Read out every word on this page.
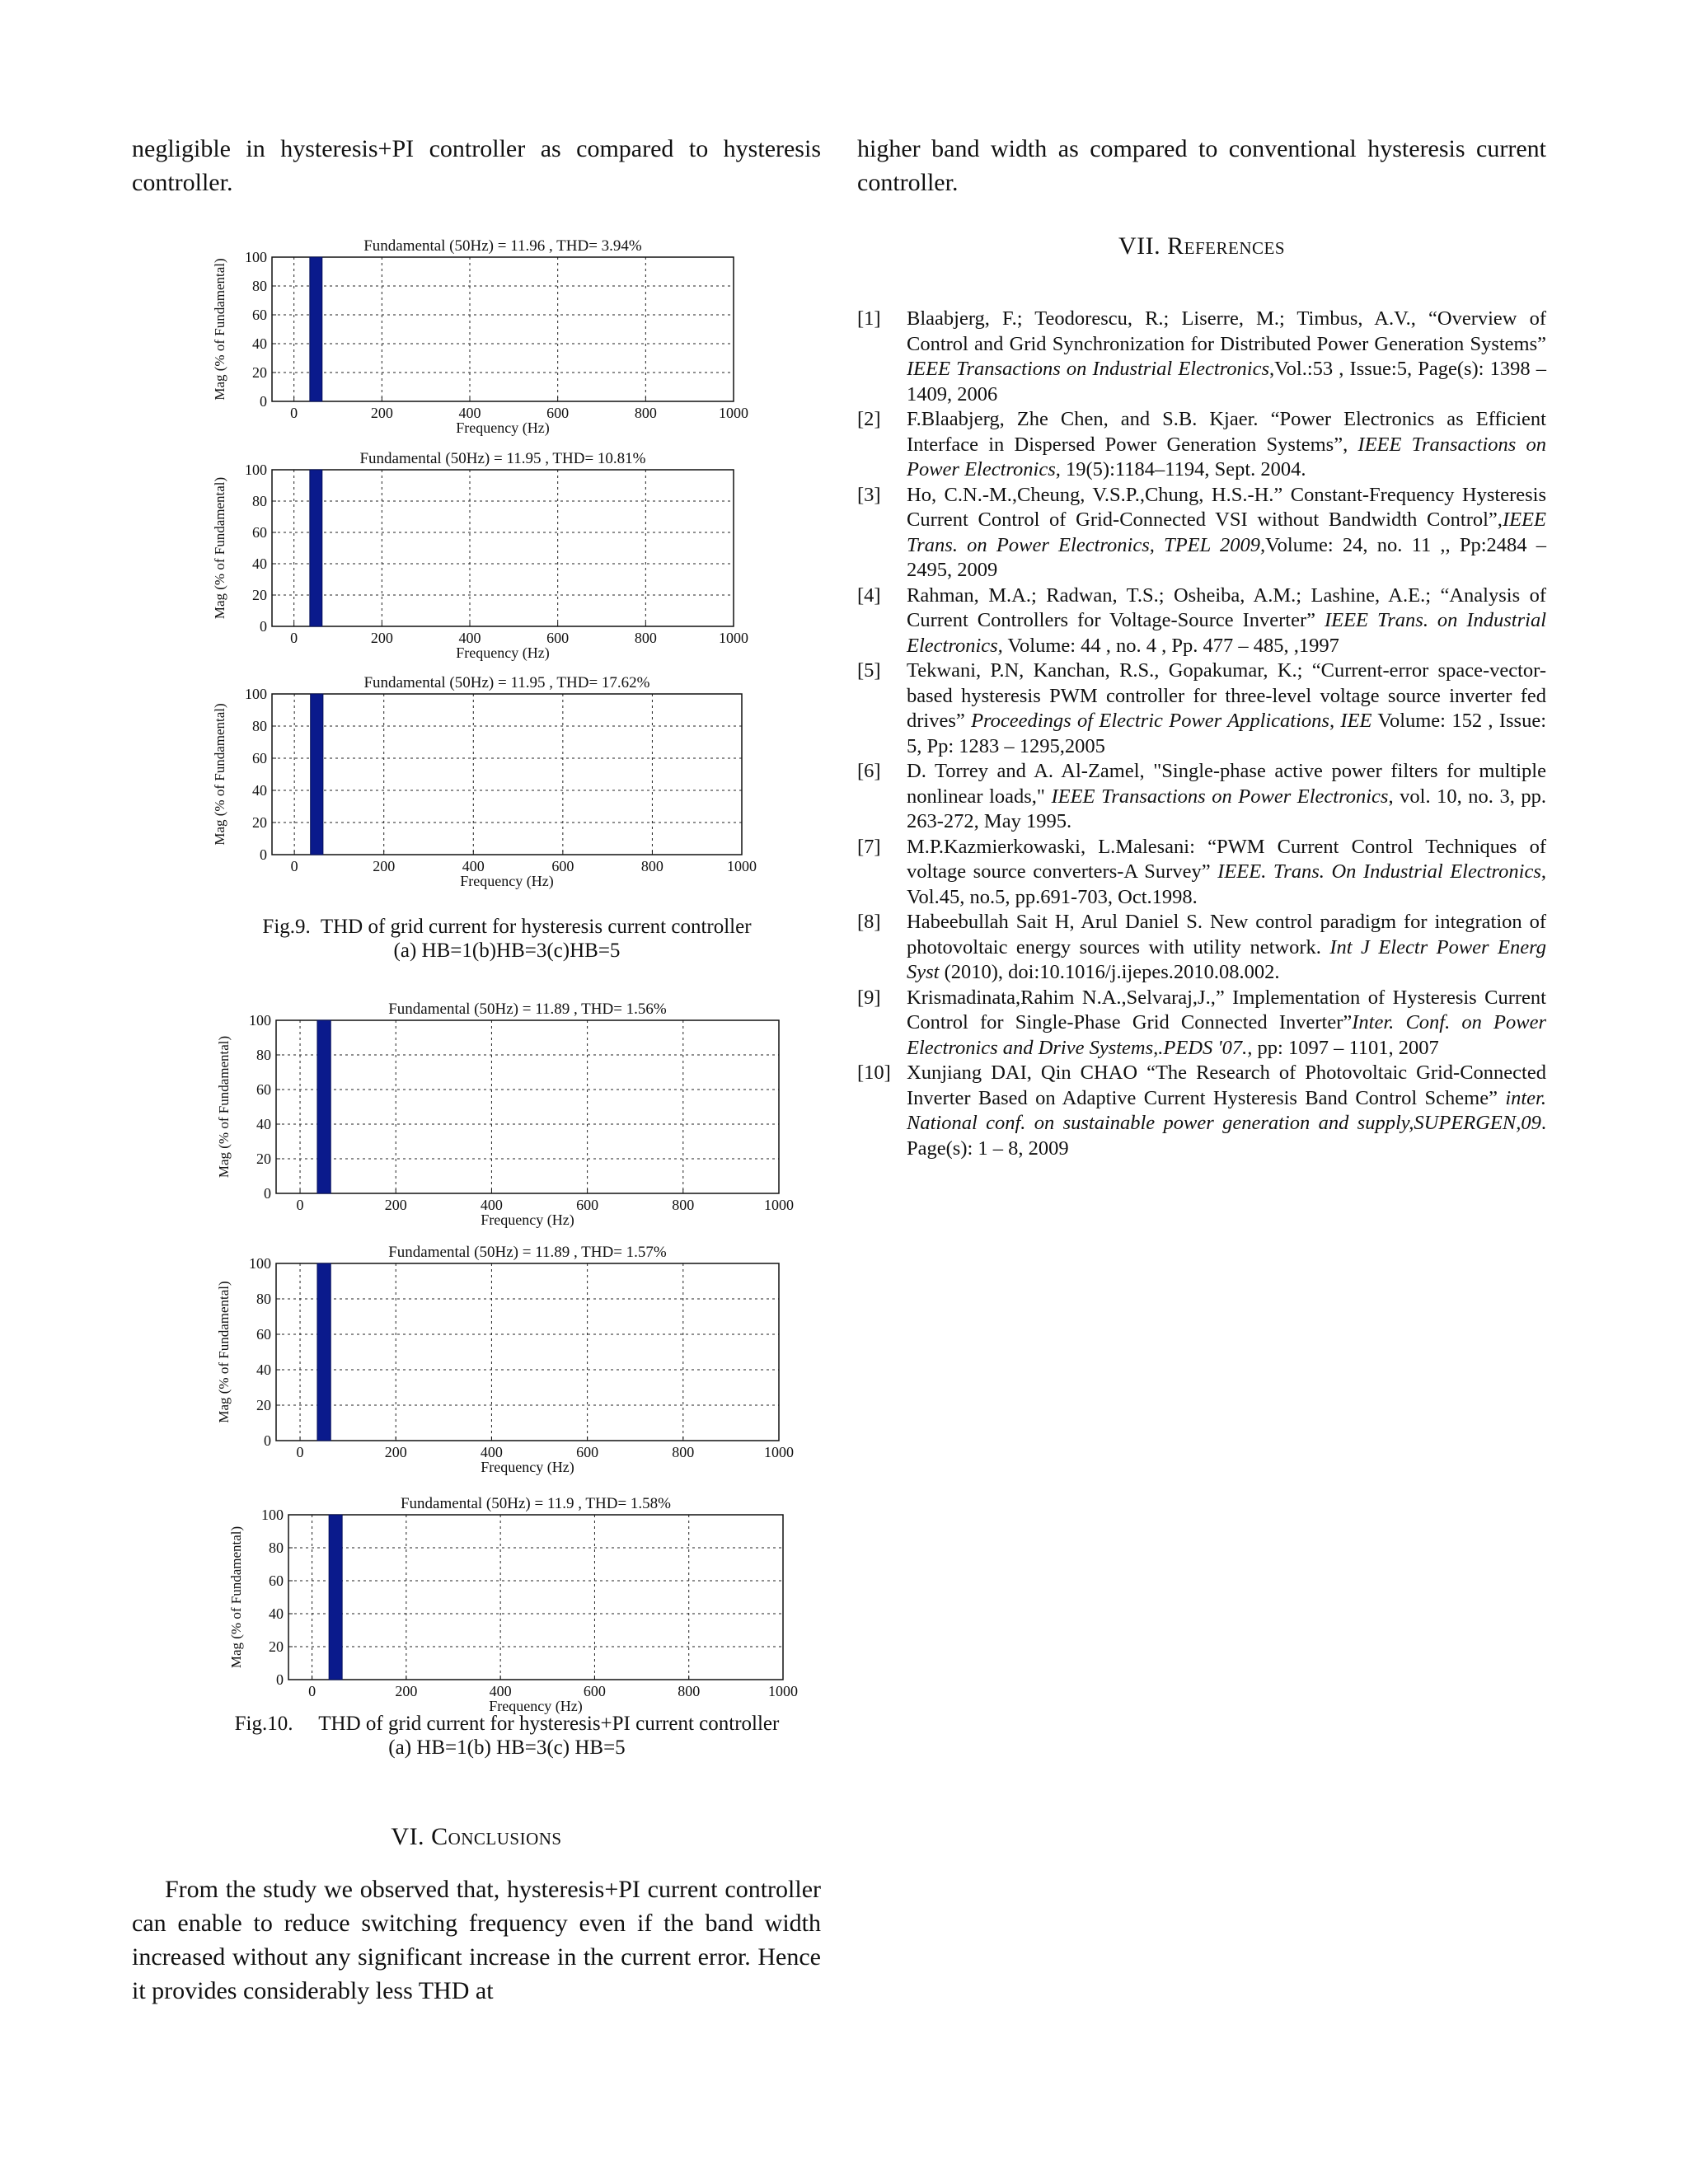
negligible in hysteresis+PI controller as compared to hysteresis controller.

higher band width as compared to conventional hysteresis current controller.

Fundamental (50Hz) = 11.96 , THD= 3.94%
0	200	400	600	800	1000
0
20
40
60
80
100
Frequency (Hz)
Mag (% of Fundamental)
Fundamental (50Hz) = 11.95 , THD= 10.81%
0	200	400	600	800	1000
0
20
40
60
80
100
Frequency (Hz)
Mag (% of Fundamental)
Fundamental (50Hz) = 11.95 , THD= 17.62%
0	200	400	600	800	1000
0
20
40
60
80
100
Frequency (Hz)
Mag (% of Fundamental)
Fig.9.  THD of grid current for hysteresis current controller
(a) HB=1(b)HB=3(c)HB=5
Fundamental (50Hz) = 11.89 , THD= 1.56%
0	200	400	600	800	1000
0
20
40
60
80
100
Frequency (Hz)
Mag (% of Fundamental)
Fundamental (50Hz) = 11.89 , THD= 1.57%
0	200	400	600	800	1000
0
20
40
60
80
100
Frequency (Hz)
Mag (% of Fundamental)
Fundamental (50Hz) = 11.9 , THD= 1.58%
0	200	400	600	800	1000
0
20
40
60
80
100
Frequency (Hz)
Mag (% of Fundamental)
Fig.10.     THD of grid current for hysteresis+PI current controller
(a) HB=1(b) HB=3(c) HB=5

VI. Conclusions

From the study we observed that, hysteresis+PI current controller can enable to reduce switching frequency even if the band width increased without any significant increase in the current error. Hence it provides considerably less THD at

VII. References

[1]	Blaabjerg, F.; Teodorescu, R.; Liserre, M.; Timbus, A.V., “Overview of Control and Grid Synchronization for Distributed Power Generation Systems” IEEE Transactions on Industrial Electronics,Vol.:53 , Issue:5, Page(s): 1398 – 1409, 2006
[2]	F.Blaabjerg, Zhe Chen, and S.B. Kjaer. “Power Electronics as Efficient Interface in Dispersed Power Generation Systems”, IEEE Transactions on Power Electronics, 19(5):1184–1194, Sept. 2004.
[3]	Ho, C.N.-M.,Cheung, V.S.P.,Chung, H.S.-H.” Constant-Frequency Hysteresis Current Control of Grid-Connected VSI without Bandwidth Control”,IEEE Trans. on Power Electronics, TPEL 2009,Volume: 24, no. 11 ,, Pp:2484 – 2495, 2009
[4]	Rahman, M.A.; Radwan, T.S.; Osheiba, A.M.; Lashine, A.E.; “Analysis of Current Controllers for Voltage-Source Inverter” IEEE Trans. on Industrial Electronics, Volume: 44 , no. 4 , Pp. 477 – 485, ,1997
[5]	Tekwani, P.N, Kanchan, R.S., Gopakumar, K.; “Current-error space-vector-based hysteresis PWM controller for three-level voltage source inverter fed drives” Proceedings of Electric Power Applications, IEE Volume: 152 , Issue: 5, Pp: 1283 – 1295,2005
[6]	D. Torrey and A. Al-Zamel, "Single-phase active power filters for multiple nonlinear loads," IEEE Transactions on Power Electronics, vol. 10, no. 3, pp. 263-272, May 1995.
[7]	M.P.Kazmierkowaski, L.Malesani: “PWM Current Control Techniques of voltage source converters-A Survey” IEEE. Trans. On Industrial Electronics, Vol.45, no.5, pp.691-703, Oct.1998.
[8]	Habeebullah Sait H, Arul Daniel S. New control paradigm for integration of photovoltaic energy sources with utility network. Int J Electr Power Energ Syst (2010), doi:10.1016/j.ijepes.2010.08.002.
[9]	Krismadinata,Rahim N.A.,Selvaraj,J.,” Implementation of Hysteresis Current Control for Single-Phase Grid Connected Inverter”Inter. Conf. on Power Electronics and Drive Systems,.PEDS '07., pp: 1097 – 1101, 2007
[10] Xunjiang DAI, Qin CHAO “The Research of Photovoltaic Grid-Connected Inverter Based on Adaptive Current Hysteresis Band Control Scheme” inter. National conf. on sustainable power generation and supply,SUPERGEN,09. Page(s): 1 – 8, 2009
